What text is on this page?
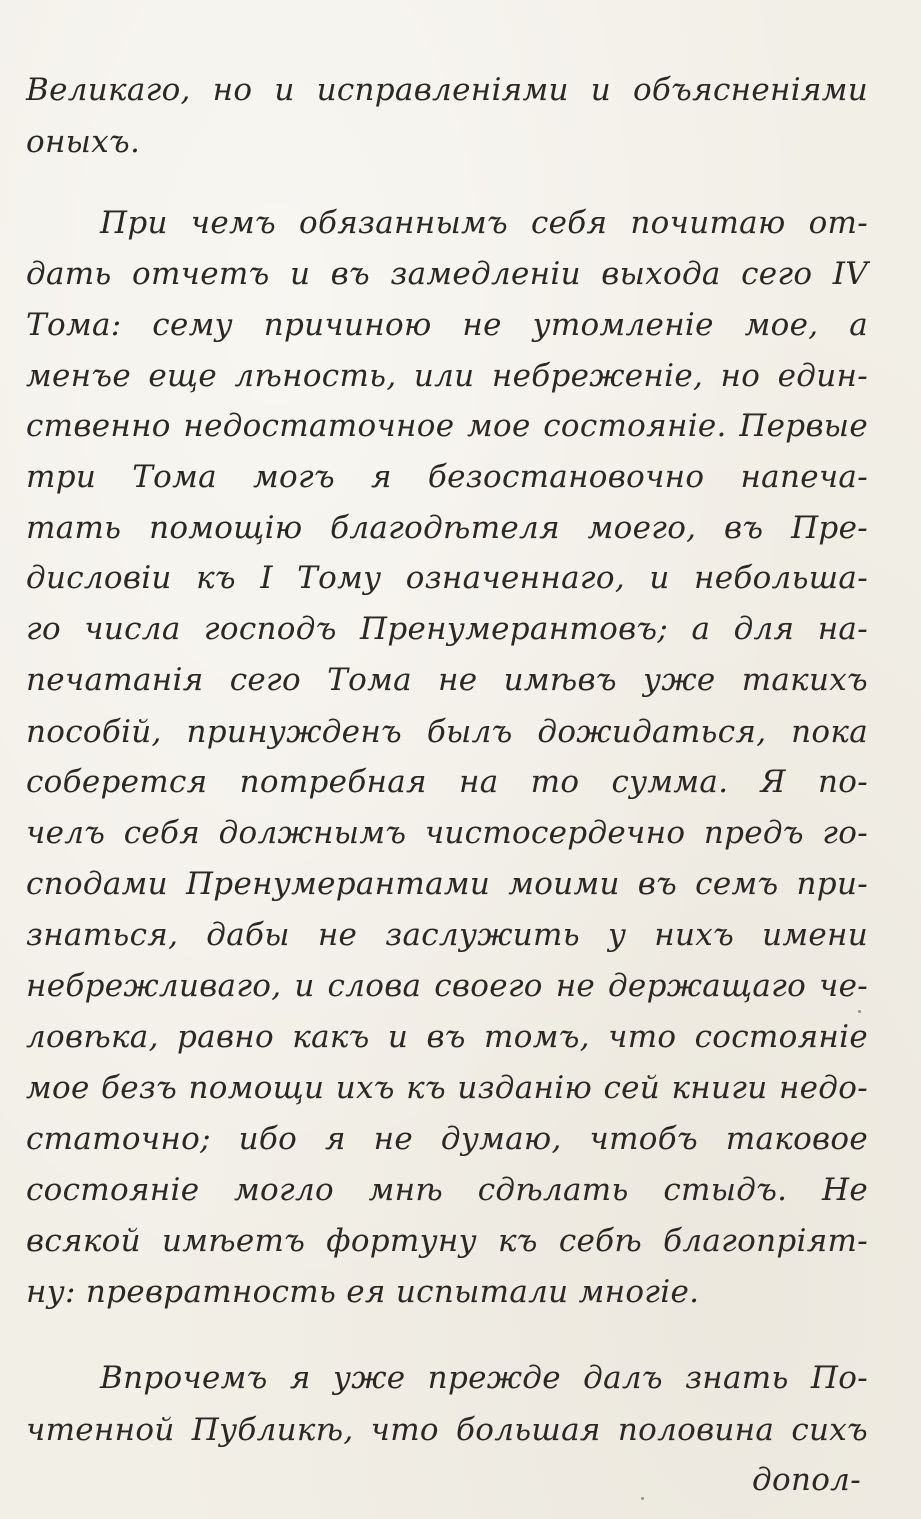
Великаго, но и исправленіями и объясненіями
оныхъ.
При чемъ обязаннымъ себя почитаю от-
дать отчетъ и въ замедленіи выхода сего IV
Тома: сему причиною не утомленіе мое, а
менъе еще лѣность, или небреженіе, но един-
ственно недостаточное мое состояніе. Первые
три Тома могъ я безостановочно напеча-
тать помощію благодѣтеля моего, въ Пре-
дисловіи къ I Тому означеннаго, и небольша-
го числа господъ Пренумерантовъ; а для на-
печатанія сего Тома не имѣвъ уже такихъ
пособій, принужденъ былъ дожидаться, пока
соберется потребная на то сумма. Я по-
челъ себя должнымъ чистосердечно предъ го-
сподами Пренумерантами моими въ семъ при-
знаться, дабы не заслужить у нихъ имени
небрежливаго, и слова своего не держащаго че-
ловѣка, равно какъ и въ томъ, что состояніе
мое безъ помощи ихъ къ изданію сей книги недо-
статочно; ибо я не думаю, чтобъ таковое
состояніе могло мнѣ сдѣлать стыдъ. Не
всякой имѣетъ фортуну къ себѣ благопріят-
ну: превратность ея испытали многіе.
Впрочемъ я уже прежде далъ знать По-
чтенной Публикѣ, что большая половина сихъ
допол-
